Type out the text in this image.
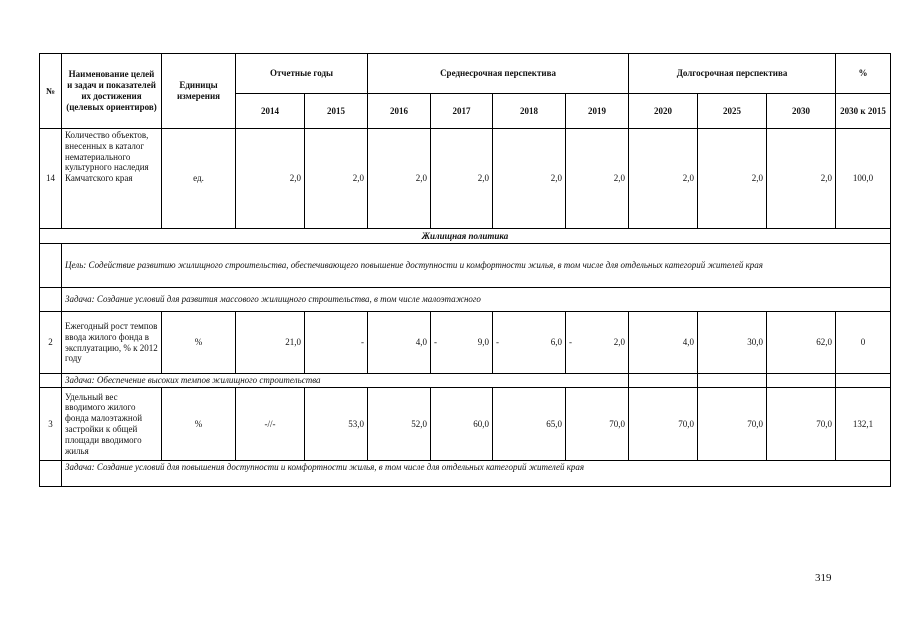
№	Наименование целей и задач и показателей их достижения (целевых ориентиров)	Единицы измерения	Отчетные годы		Среднесрочная перспектива				Долгосрочная перспектива			%
			2014	2015	2016	2017	2018	2019	2020	2025	2030	2030 к 2015
14	Количество объектов, внесенных в каталог нематериального культурного наследия Камчатского края	ед.	2,0	2,0	2,0	2,0	2,0	2,0	2,0	2,0	2,0	100,0
Жилищная политика												
	Цель: Содействие развитию жилищного строительства, обеспечивающего повышение доступности и комфортности жилья, в том числе для отдельных категорий жителей края											
	Задача: Создание условий для развития массового жилищного строительства, в том числе малоэтажного											
2	Ежегодный рост темпов ввода жилого фонда в эксплуатацию, % к 2012 году	%	21,0	-	4,0	- 9,0	- 6,0	- 2,0	4,0	30,0	62,0	0
	Задача: Обеспечение высоких темпов жилищного строительства											
3	Удельный вес вводимого жилого фонда малоэтажной застройки к общей площади вводимого жилья	%	-//-	53,0	52,0	60,0	65,0	70,0	70,0	70,0	70,0	132,1
	Задача: Создание условий для повышения доступности и комфортности жилья, в том числе для отдельных категорий жителей края											
319
